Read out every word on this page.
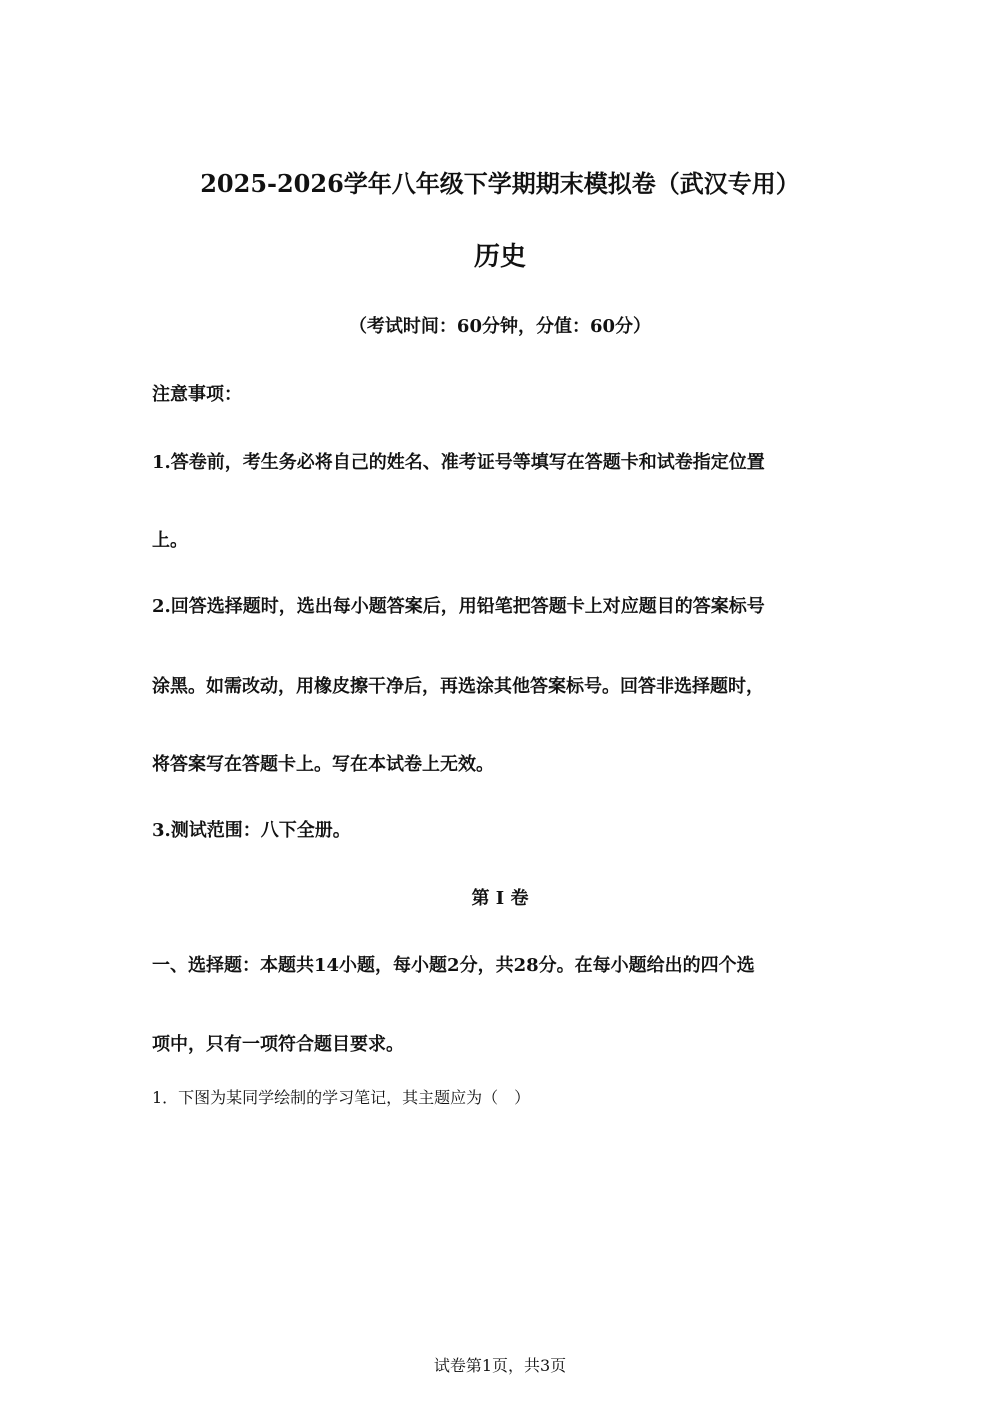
2025-2026学年八年级下学期期末模拟卷（武汉专用）
历史
（考试时间：60分钟，分值：60分）
注意事项：
1.答卷前，考生务必将自己的姓名、准考证号等填写在答题卡和试卷指定位置
上。
2.回答选择题时，选出每小题答案后，用铅笔把答题卡上对应题目的答案标号
涂黑。如需改动，用橡皮擦干净后，再选涂其他答案标号。回答非选择题时，
将答案写在答题卡上。写在本试卷上无效。
3.测试范围：八下全册。
第 I 卷
一、选择题：本题共14小题，每小题2分，共28分。在每小题给出的四个选
项中，只有一项符合题目要求。
1．下图为某同学绘制的学习笔记，其主题应为（　）
试卷第1页，共3页
